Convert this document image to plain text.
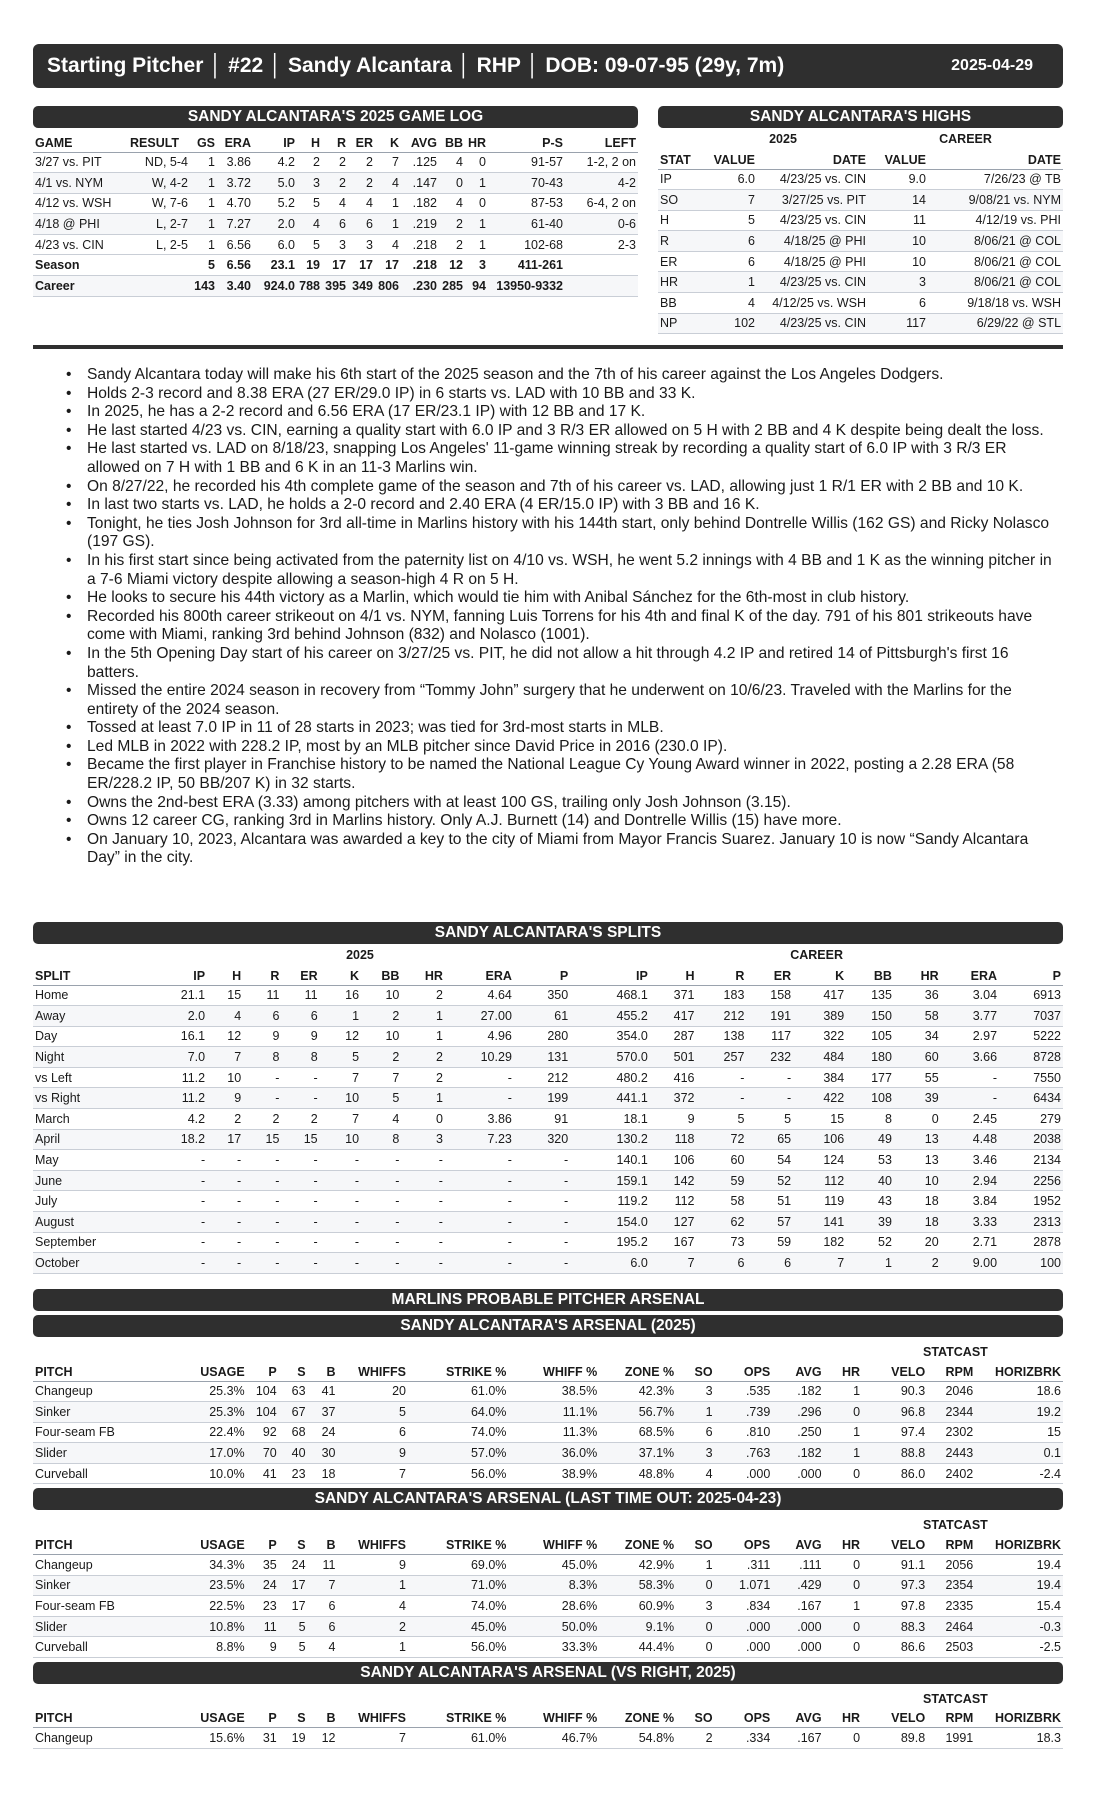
Starting Pitcher │ #22 │ Sandy Alcantara │ RHP │ DOB: 09-07-95 (29y, 7m)	2025-04-29
SANDY ALCANTARA'S 2025 GAME LOG
GAME	RESULT	GS	ERA	IP	H	R	ER	K	AVG	BB	HR	P-S	LEFT
3/27 vs. PIT	ND, 5-4	1	3.86	4.2	2	2	2	7	.125	4	0	91-57	1-2, 2 on
4/1 vs. NYM	W, 4-2	1	3.72	5.0	3	2	2	4	.147	0	1	70-43	4-2
4/12 vs. WSH	W, 7-6	1	4.70	5.2	5	4	4	1	.182	4	0	87-53	6-4, 2 on
4/18 @ PHI	L, 2-7	1	7.27	2.0	4	6	6	1	.219	2	1	61-40	0-6
4/23 vs. CIN	L, 2-5	1	6.56	6.0	5	3	3	4	.218	2	1	102-68	2-3
Season		5	6.56	23.1	19	17	17	17	.218	12	3	411-261	
Career		143	3.40	924.0	788	395	349	806	.230	285	94	13950-9332	
SANDY ALCANTARA'S HIGHS
	2025		CAREER	
STAT	VALUE	DATE	VALUE	DATE
IP	6.0	4/23/25 vs. CIN	9.0	7/26/23 @ TB
SO	7	3/27/25 vs. PIT	14	9/08/21 vs. NYM
H	5	4/23/25 vs. CIN	11	4/12/19 vs. PHI
R	6	4/18/25 @ PHI	10	8/06/21 @ COL
ER	6	4/18/25 @ PHI	10	8/06/21 @ COL
HR	1	4/23/25 vs. CIN	3	8/06/21 @ COL
BB	4	4/12/25 vs. WSH	6	9/18/18 vs. WSH
NP	102	4/23/25 vs. CIN	117	6/29/22 @ STL
• Sandy Alcantara today will make his 6th start of the 2025 season and the 7th of his career against the Los Angeles Dodgers.
• Holds 2-3 record and 8.38 ERA (27 ER/29.0 IP) in 6 starts vs. LAD with 10 BB and 33 K.
• In 2025, he has a 2-2 record and 6.56 ERA (17 ER/23.1 IP) with 12 BB and 17 K.
• He last started 4/23 vs. CIN, earning a quality start with 6.0 IP and 3 R/3 ER allowed on 5 H with 2 BB and 4 K despite being dealt the loss.
• He last started vs. LAD on 8/18/23, snapping Los Angeles' 11-game winning streak by recording a quality start of 6.0 IP with 3 R/3 ER allowed on 7 H with 1 BB and 6 K in an 11-3 Marlins win.
• On 8/27/22, he recorded his 4th complete game of the season and 7th of his career vs. LAD, allowing just 1 R/1 ER with 2 BB and 10 K.
• In last two starts vs. LAD, he holds a 2-0 record and 2.40 ERA (4 ER/15.0 IP) with 3 BB and 16 K.
• Tonight, he ties Josh Johnson for 3rd all-time in Marlins history with his 144th start, only behind Dontrelle Willis (162 GS) and Ricky Nolasco (197 GS).
• In his first start since being activated from the paternity list on 4/10 vs. WSH, he went 5.2 innings with 4 BB and 1 K as the winning pitcher in a 7-6 Miami victory despite allowing a season-high 4 R on 5 H.
• He looks to secure his 44th victory as a Marlin, which would tie him with Anibal Sánchez for the 6th-most in club history.
• Recorded his 800th career strikeout on 4/1 vs. NYM, fanning Luis Torrens for his 4th and final K of the day. 791 of his 801 strikeouts have come with Miami, ranking 3rd behind Johnson (832) and Nolasco (1001).
• In the 5th Opening Day start of his career on 3/27/25 vs. PIT, he did not allow a hit through 4.2 IP and retired 14 of Pittsburgh's first 16 batters.
• Missed the entire 2024 season in recovery from “Tommy John” surgery that he underwent on 10/6/23. Traveled with the Marlins for the entirety of the 2024 season.
• Tossed at least 7.0 IP in 11 of 28 starts in 2023; was tied for 3rd-most starts in MLB.
• Led MLB in 2022 with 228.2 IP, most by an MLB pitcher since David Price in 2016 (230.0 IP).
• Became the first player in Franchise history to be named the National League Cy Young Award winner in 2022, posting a 2.28 ERA (58 ER/228.2 IP, 50 BB/207 K) in 32 starts.
• Owns the 2nd-best ERA (3.33) among pitchers with at least 100 GS, trailing only Josh Johnson (3.15).
• Owns 12 career CG, ranking 3rd in Marlins history. Only A.J. Burnett (14) and Dontrelle Willis (15) have more.
• On January 10, 2023, Alcantara was awarded a key to the city of Miami from Mayor Francis Suarez. January 10 is now “Sandy Alcantara Day” in the city.
SANDY ALCANTARA'S SPLITS
	2025									CAREER								
SPLIT	IP	H	R	ER	K	BB	HR	ERA	P	IP	H	R	ER	K	BB	HR	ERA	P
Home	21.1	15	11	11	16	10	2	4.64	350	468.1	371	183	158	417	135	36	3.04	6913
Away	2.0	4	6	6	1	2	1	27.00	61	455.2	417	212	191	389	150	58	3.77	7037
Day	16.1	12	9	9	12	10	1	4.96	280	354.0	287	138	117	322	105	34	2.97	5222
Night	7.0	7	8	8	5	2	2	10.29	131	570.0	501	257	232	484	180	60	3.66	8728
vs Left	11.2	10	-	-	7	7	2	-	212	480.2	416	-	-	384	177	55	-	7550
vs Right	11.2	9	-	-	10	5	1	-	199	441.1	372	-	-	422	108	39	-	6434
March	4.2	2	2	2	7	4	0	3.86	91	18.1	9	5	5	15	8	0	2.45	279
April	18.2	17	15	15	10	8	3	7.23	320	130.2	118	72	65	106	49	13	4.48	2038
May	-	-	-	-	-	-	-	-	-	140.1	106	60	54	124	53	13	3.46	2134
June	-	-	-	-	-	-	-	-	-	159.1	142	59	52	112	40	10	2.94	2256
July	-	-	-	-	-	-	-	-	-	119.2	112	58	51	119	43	18	3.84	1952
August	-	-	-	-	-	-	-	-	-	154.0	127	62	57	141	39	18	3.33	2313
September	-	-	-	-	-	-	-	-	-	195.2	167	73	59	182	52	20	2.71	2878
October	-	-	-	-	-	-	-	-	-	6.0	7	6	6	7	1	2	9.00	100
MARLINS PROBABLE PITCHER ARSENAL
SANDY ALCANTARA'S ARSENAL (2025)
STATCAST
PITCH	USAGE	P	S	B	WHIFFS	STRIKE %	WHIFF %	ZONE %	SO	OPS	AVG	HR	VELO	RPM	HORIZBRK
Changeup	25.3%	104	63	41	20	61.0%	38.5%	42.3%	3	.535	.182	1	90.3	2046	18.6
Sinker	25.3%	104	67	37	5	64.0%	11.1%	56.7%	1	.739	.296	0	96.8	2344	19.2
Four-seam FB	22.4%	92	68	24	6	74.0%	11.3%	68.5%	6	.810	.250	1	97.4	2302	15
Slider	17.0%	70	40	30	9	57.0%	36.0%	37.1%	3	.763	.182	1	88.8	2443	0.1
Curveball	10.0%	41	23	18	7	56.0%	38.9%	48.8%	4	.000	.000	0	86.0	2402	-2.4
SANDY ALCANTARA'S ARSENAL (LAST TIME OUT: 2025-04-23)
STATCAST
PITCH	USAGE	P	S	B	WHIFFS	STRIKE %	WHIFF %	ZONE %	SO	OPS	AVG	HR	VELO	RPM	HORIZBRK
Changeup	34.3%	35	24	11	9	69.0%	45.0%	42.9%	1	.311	.111	0	91.1	2056	19.4
Sinker	23.5%	24	17	7	1	71.0%	8.3%	58.3%	0	1.071	.429	0	97.3	2354	19.4
Four-seam FB	22.5%	23	17	6	4	74.0%	28.6%	60.9%	3	.834	.167	1	97.8	2335	15.4
Slider	10.8%	11	5	6	2	45.0%	50.0%	9.1%	0	.000	.000	0	88.3	2464	-0.3
Curveball	8.8%	9	5	4	1	56.0%	33.3%	44.4%	0	.000	.000	0	86.6	2503	-2.5
SANDY ALCANTARA'S ARSENAL (VS RIGHT, 2025)
STATCAST
PITCH	USAGE	P	S	B	WHIFFS	STRIKE %	WHIFF %	ZONE %	SO	OPS	AVG	HR	VELO	RPM	HORIZBRK
Changeup	15.6%	31	19	12	7	61.0%	46.7%	54.8%	2	.334	.167	0	89.8	1991	18.3
